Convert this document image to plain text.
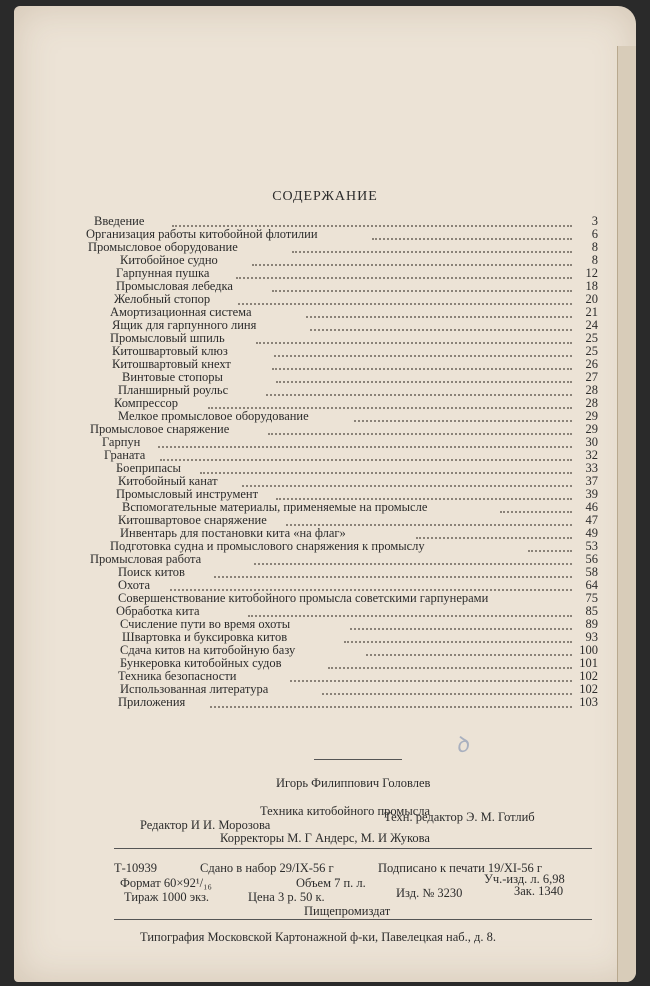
СОДЕРЖАНИЕ
Введение	3
Организация работы китобойной флотилии	6
Промысловое оборудование	8
Китобойное судно	8
Гарпунная пушка	12
Промысловая лебедка	18
Желобный стопор	20
Амортизационная система	21
Ящик для гарпунного линя	24
Промысловый шпиль	25
Китошвартовый клюз	25
Китошвартовый кнехт	26
Винтовые стопоры	27
Планширный роульс	28
Компрессор	28
Мелкое промысловое оборудование	29
Промысловое снаряжение	29
Гарпун	30
Граната	32
Боеприпасы	33
Китобойный канат	37
Промысловый инструмент	39
Вспомогательные материалы, применяемые на промысле	46
Китошвартовое снаряжение	47
Инвентарь для постановки кита «на флаг»	49
Подготовка судна и промыслового снаряжения к промыслу	53
Промысловая работа	56
Поиск китов	58
Охота	64
Совершенствование китобойного промысла советскими гарпунерами	75
Обработка кита	85
Счисление пути во время охоты	89
Швартовка и буксировка китов	93
Сдача китов на китобойную базу	100
Бункеровка китобойных судов	101
Техника безопасности	102
Использованная литература	102
Приложения	103
ꝺ
Игорь Филиппович Головлев
Техника китобойного промысла
Редактор И И. Морозова
Техн. редактор Э. М. Готлиб
Корректоры М. Г Андерс, М. И Жукова
Т-10939	Сдано в набор 29/IX-56 г	Подписано к печати 19/XI-56 г
Формат 60×92¹/₁₆	Объем 7 п. л.	Уч.-изд. л. 6,98
Тираж 1000 экз.	Цена 3 р. 50 к.	Изд. № 3230	Зак. 1340
Пищепромиздат
Типография Московской Картонажной ф-ки, Павелецкая наб., д. 8.
